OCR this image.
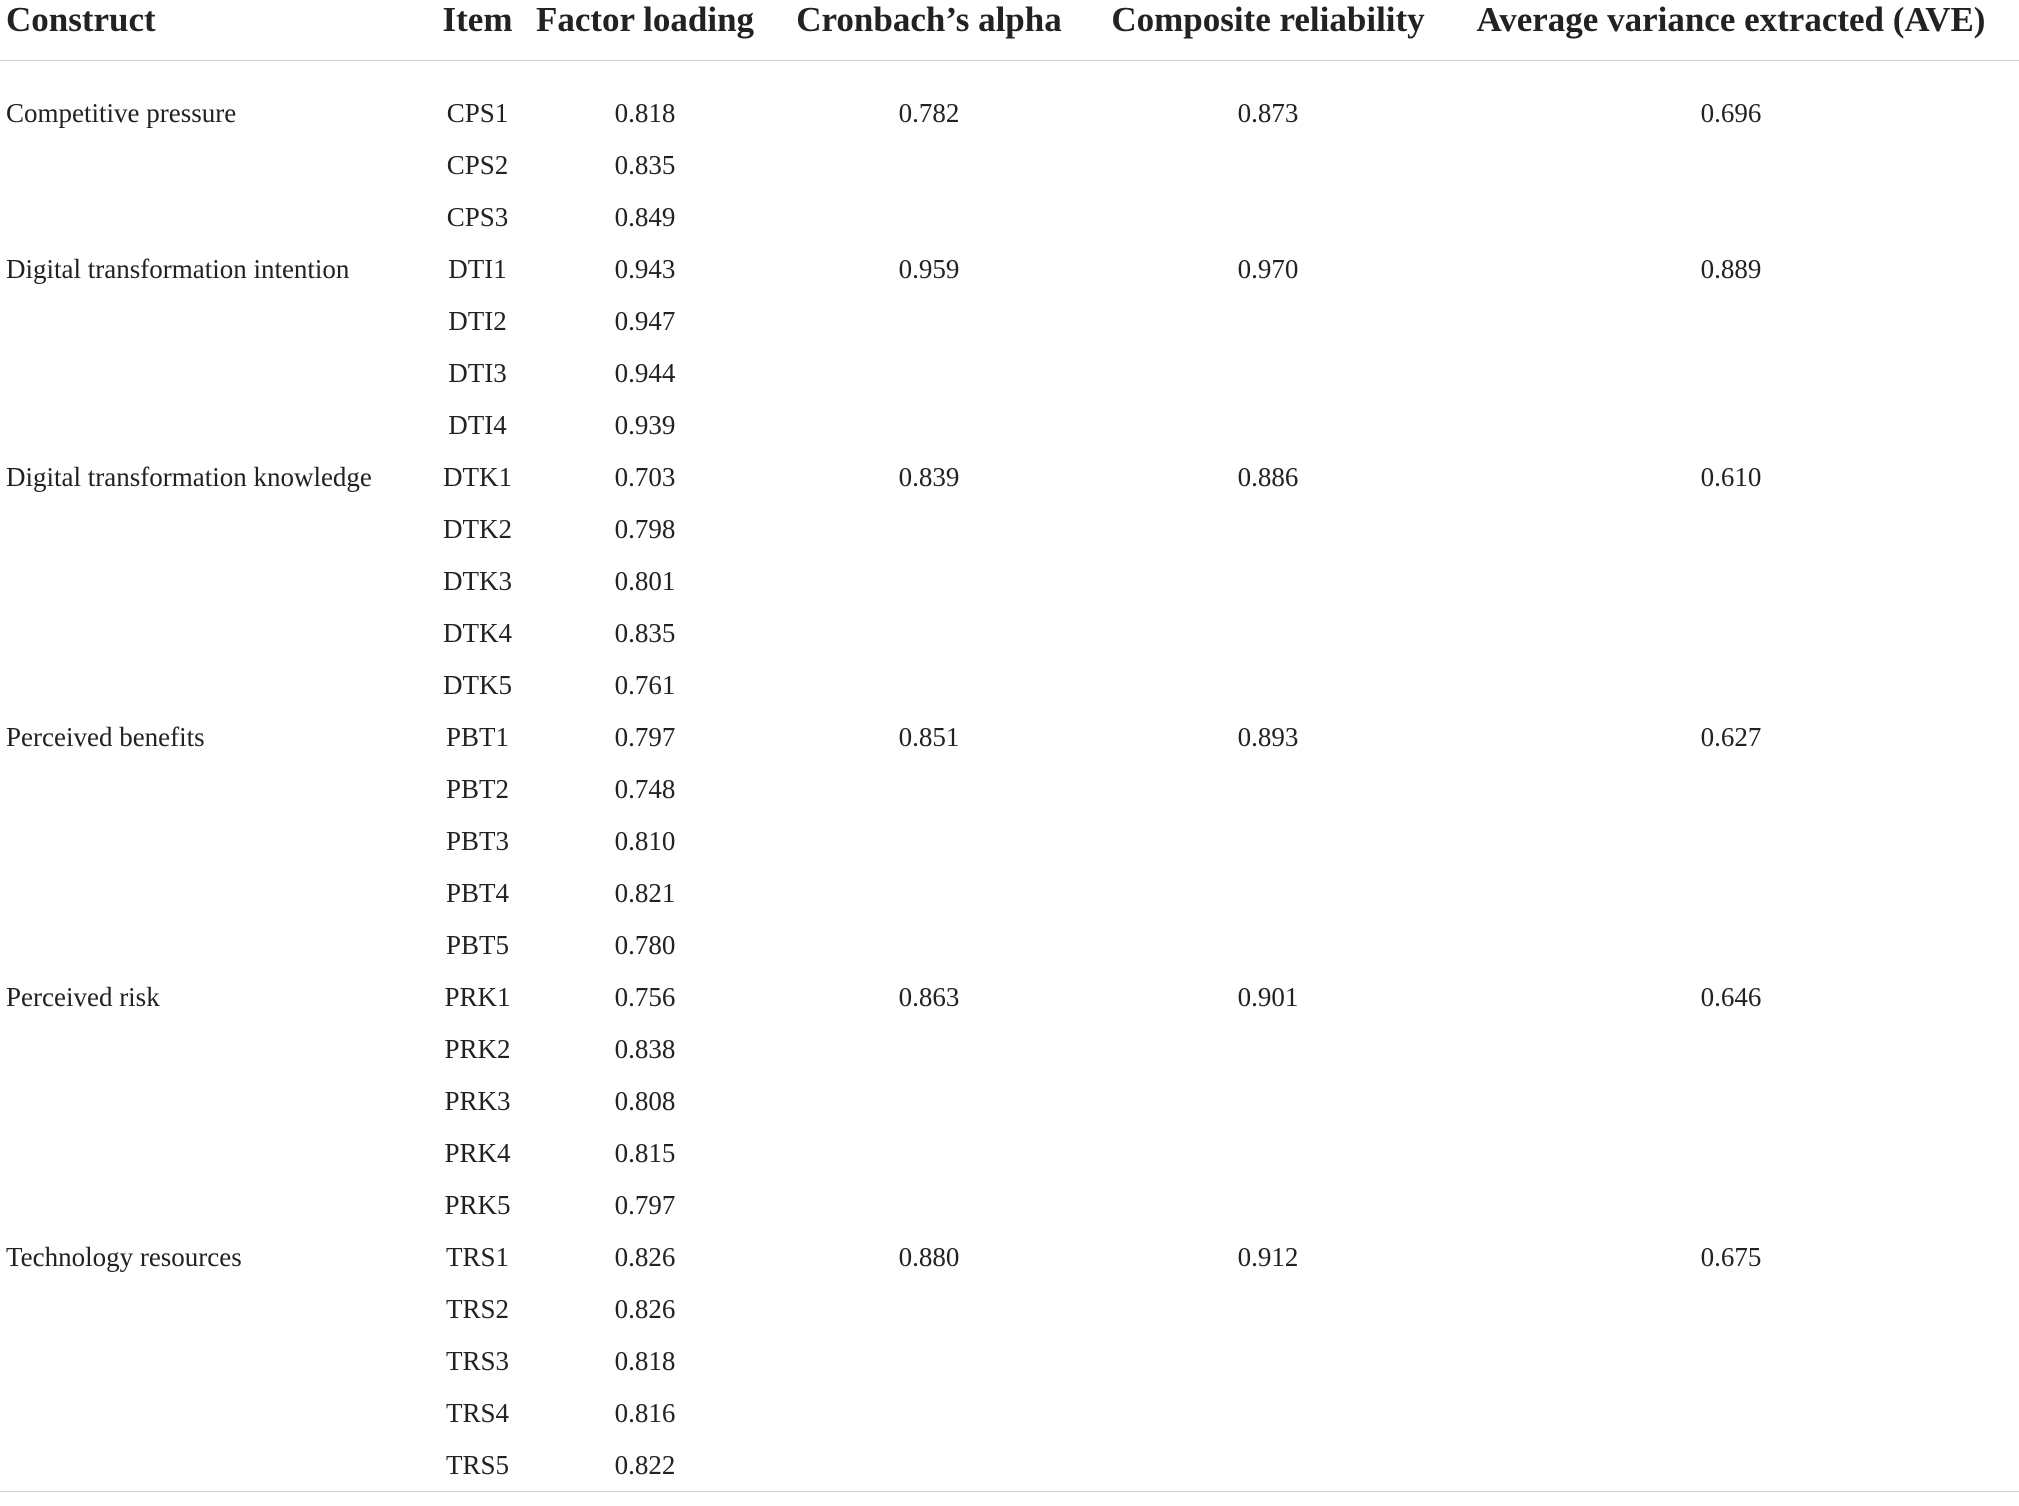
Construct	Item	Factor loading	Cronbach’s alpha	Composite reliability	Average variance extracted (AVE)

Competitive pressure	CPS1	0.818	0.782	0.873	0.696
	CPS2	0.835			
	CPS3	0.849			
Digital transformation intention	DTI1	0.943	0.959	0.970	0.889
	DTI2	0.947			
	DTI3	0.944			
	DTI4	0.939			
Digital transformation knowledge	DTK1	0.703	0.839	0.886	0.610
	DTK2	0.798			
	DTK3	0.801			
	DTK4	0.835			
	DTK5	0.761			
Perceived benefits	PBT1	0.797	0.851	0.893	0.627
	PBT2	0.748			
	PBT3	0.810			
	PBT4	0.821			
	PBT5	0.780			
Perceived risk	PRK1	0.756	0.863	0.901	0.646
	PRK2	0.838			
	PRK3	0.808			
	PRK4	0.815			
	PRK5	0.797			
Technology resources	TRS1	0.826	0.880	0.912	0.675
	TRS2	0.826			
	TRS3	0.818			
	TRS4	0.816			
	TRS5	0.822			
